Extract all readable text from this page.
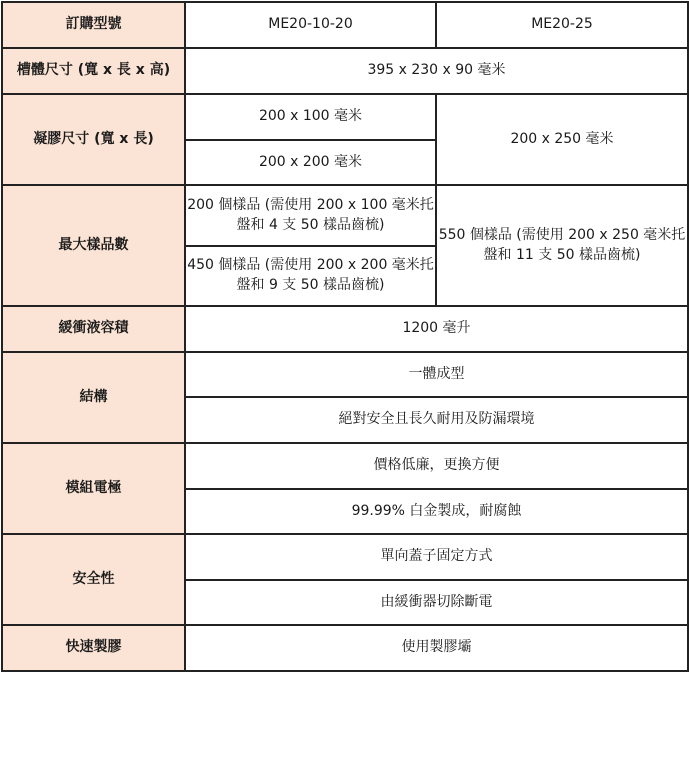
訂購型號	ME20-10-20	ME20-25
槽體尺寸 (寬 x 長 x 高)	395 x 230 x 90 毫米	
凝膠尺寸 (寬 x 長)	200 x 100 毫米	200 x 250 毫米
	200 x 200 毫米	
最大樣品數	200 個樣品 (需使用 200 x 100 毫米托盤和 4 支 50 樣品齒梳)	550 個樣品 (需使用 200 x 250 毫米托盤和 11 支 50 樣品齒梳)
	450 個樣品 (需使用 200 x 200 毫米托盤和 9 支 50 樣品齒梳)	
緩衝液容積	1200 毫升	
結構	一體成型	
	絕對安全且長久耐用及防漏環境	
模組電極	價格低廉，更換方便	
	99.99% 白金製成，耐腐蝕	
安全性	單向蓋子固定方式	
	由緩衝器切除斷電	
快速製膠	使用製膠壩	
